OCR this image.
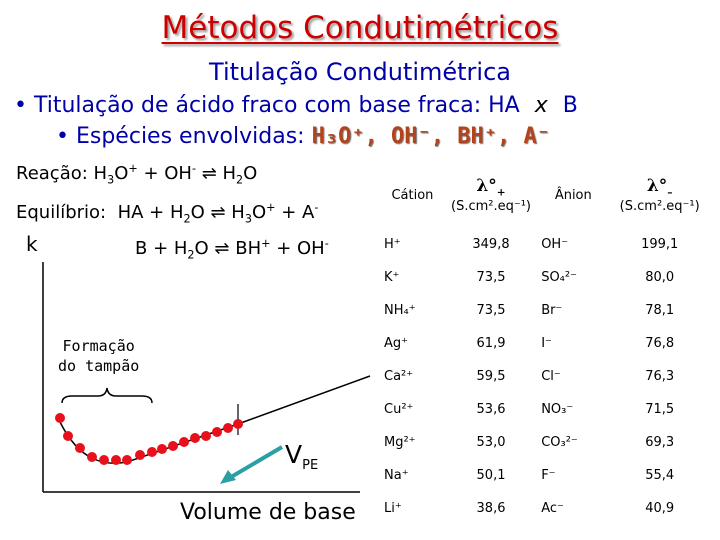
Métodos Condutimétricos
Titulação Condutimétrica
• Titulação de ácido fraco com base fraca: HA x B
• Espécies envolvidas: H₃O⁺, OH⁻, BH⁺, A⁻
Reação: $H_3O^+ + OH^-$ ⇌ $H_2O$
Equilíbrio:  HA + $H_2O$ ⇌ $H_3O^+ + A^-$
$B + H_2O$ ⇌ BH+ + OH-
k
Formação
do tampão
$V_{PE}$
Volume de base
Cátion	$\lambda^\circ_+$
(S.cm².eq⁻¹)	Ânion	$\lambda^\circ_-$
(S.cm².eq⁻¹)
H⁺	349,8	OH⁻	199,1
K⁺	73,5	SO₄²⁻	80,0
NH₄⁺	73,5	Br⁻	78,1
Ag⁺	61,9	I⁻	76,8
Ca²⁺	59,5	Cl⁻	76,3
Cu²⁺	53,6	NO₃⁻	71,5
Mg²⁺	53,0	CO₃²⁻	69,3
Na⁺	50,1	F⁻	55,4
Li⁺	38,6	Ac⁻	40,9
